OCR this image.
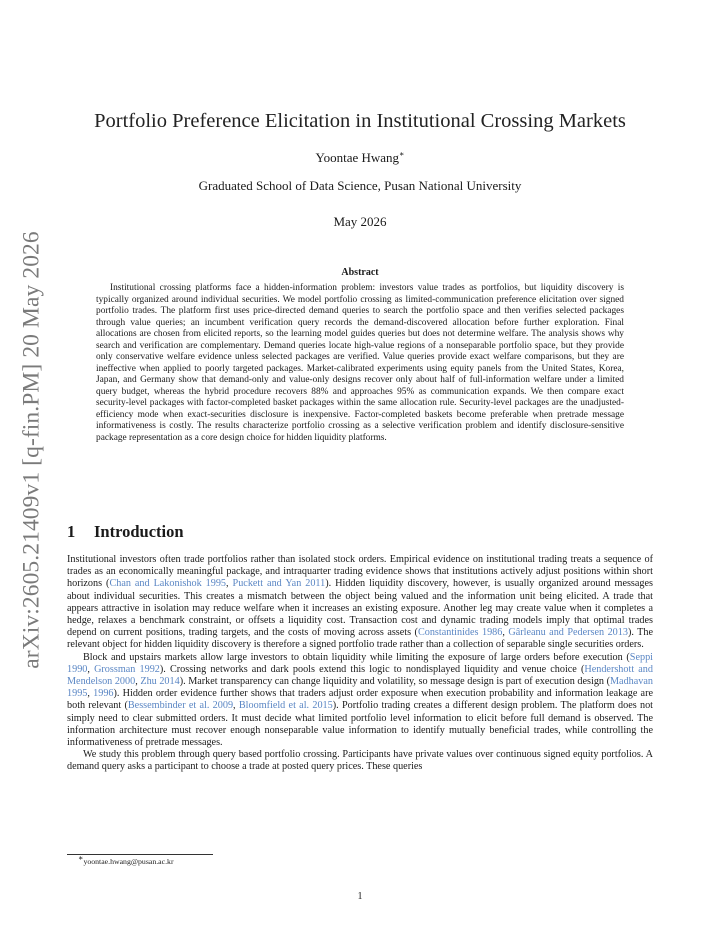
arXiv:2605.21409v1 [q-fin.PM] 20 May 2026
Portfolio Preference Elicitation in Institutional Crossing Markets
Yoontae Hwang∗
Graduated School of Data Science, Pusan National University
May 2026
Abstract

Institutional crossing platforms face a hidden-information problem: investors value trades as portfolios, but liquidity discovery is typically organized around individual securities. We model portfolio crossing as limited-communication preference elicitation over signed portfolio trades. The platform first uses price-directed demand queries to search the portfolio space and then verifies selected packages through value queries; an incumbent verification query records the demand-discovered allocation before further exploration. Final allocations are chosen from elicited reports, so the learning model guides queries but does not determine welfare. The analysis shows why search and verification are complementary. Demand queries locate high-value regions of a nonseparable portfolio space, but they provide only conservative welfare evidence unless selected packages are verified. Value queries provide exact welfare comparisons, but they are ineffective when applied to poorly targeted packages. Market-calibrated experiments using equity panels from the United States, Korea, Japan, and Germany show that demand-only and value-only designs recover only about half of full-information welfare under a limited query budget, whereas the hybrid procedure recovers 88% and approaches 95% as communication expands. We then compare exact security-level packages with factor-completed basket packages within the same allocation rule. Security-level packages are the unadjusted-efficiency mode when exact-securities disclosure is inexpensive. Factor-completed baskets become preferable when pretrade message informativeness is costly. The results characterize portfolio crossing as a selective verification problem and identify disclosure-sensitive package representation as a core design choice for hidden liquidity platforms.

1 Introduction

Institutional investors often trade portfolios rather than isolated stock orders. Empirical evidence on institutional trading treats a sequence of trades as an economically meaningful package, and intraquarter trading evidence shows that institutions actively adjust positions within short horizons (Chan and Lakonishok 1995, Puckett and Yan 2011). Hidden liquidity discovery, however, is usually organized around messages about individual securities. This creates a mismatch between the object being valued and the information unit being elicited. A trade that appears attractive in isolation may reduce welfare when it increases an existing exposure. Another leg may create value when it completes a hedge, relaxes a benchmark constraint, or offsets a liquidity cost. Transaction cost and dynamic trading models imply that optimal trades depend on current positions, trading targets, and the costs of moving across assets (Constantinides 1986, Gârleanu and Pedersen 2013). The relevant object for hidden liquidity discovery is therefore a signed portfolio trade rather than a collection of separable single securities orders.

Block and upstairs markets allow large investors to obtain liquidity while limiting the exposure of large orders before execution (Seppi 1990, Grossman 1992). Crossing networks and dark pools extend this logic to nondisplayed liquidity and venue choice (Hendershott and Mendelson 2000, Zhu 2014). Market transparency can change liquidity and volatility, so message design is part of execution design (Madhavan 1995, 1996). Hidden order evidence further shows that traders adjust order exposure when execution probability and information leakage are both relevant (Bessembinder et al. 2009, Bloomfield et al. 2015). Portfolio trading creates a different design problem. The platform does not simply need to clear submitted orders. It must decide what limited portfolio level information to elicit before full demand is observed. The information architecture must recover enough nonseparable value information to identify mutually beneficial trades, while controlling the informativeness of pretrade messages.

We study this problem through query based portfolio crossing. Participants have private values over continuous signed equity portfolios. A demand query asks a participant to choose a trade at posted query prices. These queries

∗yoontae.hwang@pusan.ac.kr
1
